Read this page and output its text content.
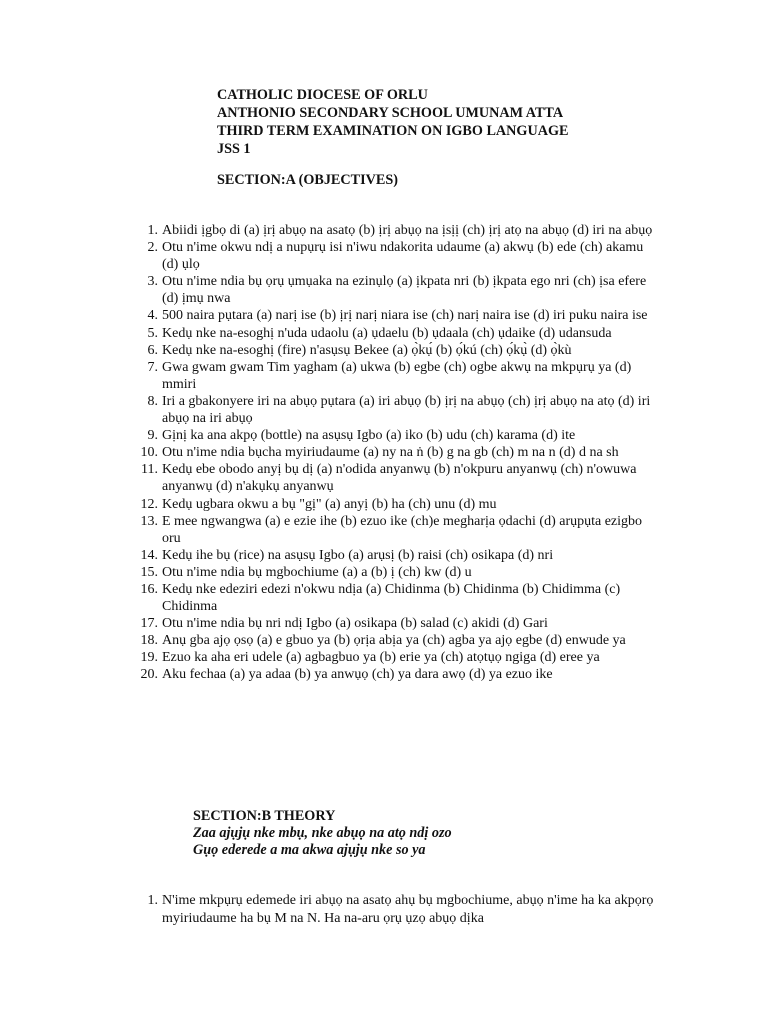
CATHOLIC DIOCESE OF ORLU
ANTHONIO SECONDARY SCHOOL UMUNAM ATTA
THIRD TERM EXAMINATION ON IGBO LANGUAGE
JSS 1
SECTION:A (OBJECTIVES)
1. Abiidi ịgbọ di (a) ịrị abụọ na asatọ (b) ịrị abụọ na ịsịị (ch) ịrị atọ na abụọ (d) iri na abụọ
2. Otu n'ime okwu ndị a nupụrụ isi n'iwu ndakorita udaume (a) akwụ (b) ede (ch) akamu (d) ụlọ
3. Otu n'ime ndia bụ ọrụ ụmụaka na ezinụlọ (a) ịkpata nri (b) ịkpata ego nri (ch) ịsa efere (d) ịmụ nwa
4. 500 naira pụtara (a) narị ise (b) ịrị narị niara ise (ch) narị naira ise (d) iri puku naira ise
5. Kedụ nke na-esoghị n'uda udaolu (a) ụdaelu (b) ụdaala (ch) ụdaike (d) udansuda
6. Kedụ nke na-esoghị (fire) n'asụsụ Bekee (a) ọ̀kụ́ (b) ọ́kú (ch) ọ́kụ̀ (d) ọ̀kù
7. Gwa gwam gwam Tim yagham (a) ukwa (b) egbe (ch) ogbe akwụ na mkpụrụ ya (d) mmiri
8. Iri a gbakonyere iri na abụọ pụtara (a) iri abụọ (b) ịrị na abụọ (ch) ịrị abụọ na atọ (d) iri abụọ na iri abụọ
9. Gịnị ka ana akpọ (bottle) na asụsụ Igbo (a) iko (b) udu (ch) karama (d) ite
10. Otu n'ime ndia bụcha myiriudaume (a) ny na ṅ (b) g na gb (ch) m na n (d) d na sh
11. Kedụ ebe obodo anyị bụ dị (a) n'odida anyanwụ (b) n'okpuru anyanwụ (ch) n'owuwa anyanwụ (d) n'akụkụ anyanwụ
12. Kedụ ugbara okwu a bụ "gị" (a) anyị (b) ha (ch) unu (d) mu
13. E mee ngwangwa (a) e ezie ihe (b) ezuo ike (ch)e megharịa ọdachi (d) arụpụta ezigbo oru
14. Kedụ ihe bụ (rice) na asụsụ Igbo (a) arụsị (b) raisi (ch) osikapa (d) nri
15. Otu n'ime ndia bụ mgbochiume (a) a (b) ị (ch) kw (d) u
16. Kedụ nke edeziri edezi n'okwu ndịa (a) Chidinma (b) Chidinma (b) Chidimma (c) Chidinma
17. Otu n'ime ndia bụ nri ndị Igbo (a) osikapa (b) salad (c) akidi (d) Gari
18. Anụ gba ajọ ọsọ (a) e gbuo ya (b) ọrịa abịa ya (ch) agba ya ajọ egbe (d) enwude ya
19. Ezuo ka aha eri udele (a) agbagbuo ya (b) erie ya (ch) atọtụọ ngiga (d) eree ya
20. Aku fechaa (a) ya adaa (b) ya anwụọ (ch) ya dara awọ (d) ya ezuo ike
SECTION:B THEORY
Zaa ajụjụ nke mbụ, nke abụọ na atọ ndị ozo
Gụọ ederede a ma akwa ajụjụ nke so ya
1. N'ime mkpụrụ edemede iri abụọ na asatọ ahụ bụ mgbochiume, abụọ n'ime ha ka akpọrọ myiriudaume ha bụ M na N. Ha na-aru ọrụ ụzọ abụọ dịka
